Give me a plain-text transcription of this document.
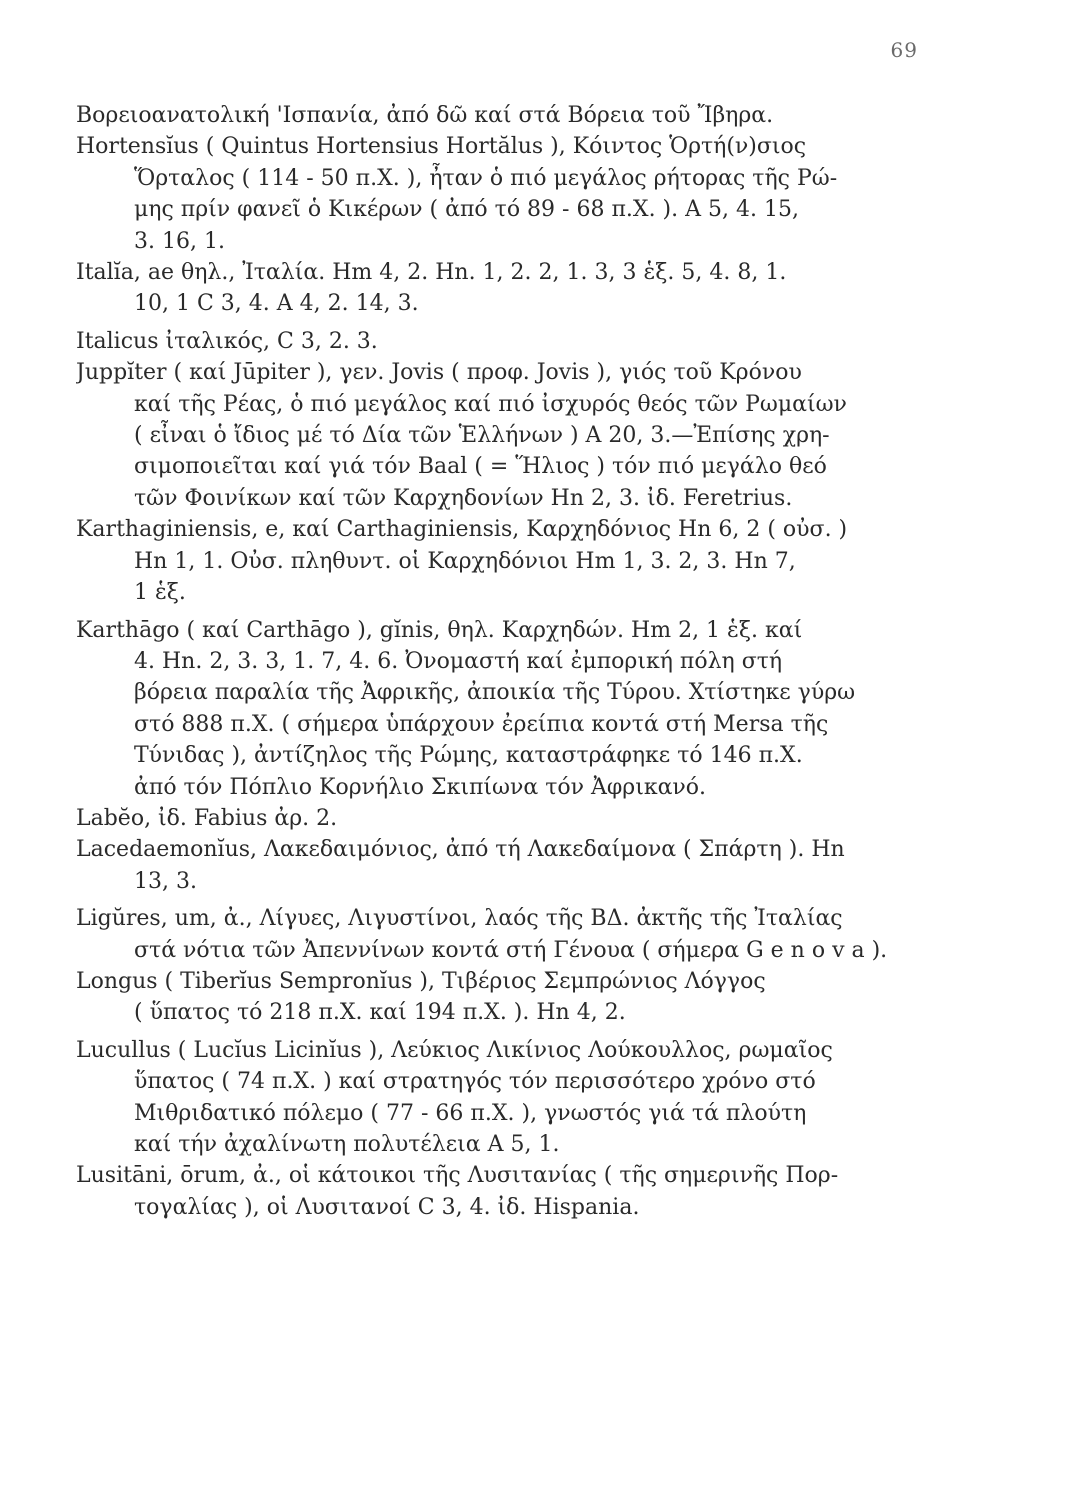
69
Βορειοανατολική 'Ισπανία, ἀπό δῶ καί στά Βόρεια τοῦ Ἴβηρα.
Hortensĭus ( Quintus Hortensius Hortălus ), Κόιντος Ὁρτή(ν)σιος
Ὅρταλος ( 114 - 50 π.Χ. ), ἦταν ὁ πιό μεγάλος ρήτορας τῆς Ρώ-
μης πρίν φανεῖ ὁ Κικέρων ( ἀπό τό 89 - 68 π.Χ. ). Α 5, 4. 15,
3. 16, 1.
Italĭa, ae θηλ., Ἰταλία. Hm 4, 2. Hn. 1, 2. 2, 1. 3, 3 ἑξ. 5, 4. 8, 1.
10, 1 C 3, 4. A 4, 2. 14, 3.
Italicus ἰταλικός, C 3, 2. 3.
Juppĭter ( καί Jūpiter ), γεν. Jovis ( προφ. Jovis ), γιός τοῦ Κρόνου
καί τῆς Ρέας, ὁ πιό μεγάλος καί πιό ἰσχυρός θεός τῶν Ρωμαίων
( εἶναι ὁ ἴδιος μέ τό Δία τῶν Ἑλλήνων ) Α 20, 3.—Ἐπίσης χρη-
σιμοποιεῖται καί γιά τόν Baal ( = Ἥλιος ) τόν πιό μεγάλο θεό
τῶν Φοινίκων καί τῶν Καρχηδονίων Hn 2, 3. ἰδ. Feretrius.
Karthaginiensis, e, καί Carthaginiensis, Καρχηδόνιος Hn 6, 2 ( οὐσ. )
Hn 1, 1. Οὐσ. πληθυντ. οἱ Καρχηδόνιοι Hm 1, 3. 2, 3. Hn 7,
1 ἑξ.
Karthāgo ( καί Carthāgo ), gĭnis, θηλ. Καρχηδών. Hm 2, 1 ἑξ. καί
4. Hn. 2, 3. 3, 1. 7, 4. 6. Ὀνομαστή καί ἐμπορική πόλη στή
βόρεια παραλία τῆς Ἀφρικῆς, ἀποικία τῆς Τύρου. Χτίστηκε γύρω
στό 888 π.Χ. ( σήμερα ὑπάρχουν ἐρείπια κοντά στή Mersa τῆς
Τύνιδας ), ἀντίζηλος τῆς Ρώμης, καταστράφηκε τό 146 π.Χ.
ἀπό τόν Πόπλιο Κορνήλιο Σκιπίωνα τόν Ἀφρικανό.
Labĕo, ἰδ. Fabius ἀρ. 2.
Lacedaemonĭus, Λακεδαιμόνιος, ἀπό τή Λακεδαίμονα ( Σπάρτη ). Hn
13, 3.
Ligŭres, um, ἀ., Λίγυες, Λιγυστίνοι, λαός τῆς ΒΔ. ἀκτῆς τῆς Ἰταλίας
στά νότια τῶν Ἀπεννίνων κοντά στή Γένουα ( σήμερα G e n o v a ).
Longus ( Tiberĭus Sempronĭus ), Τιβέριος Σεμπρώνιος Λόγγος
( ὕπατος τό 218 π.Χ. καί 194 π.Χ. ). Hn 4, 2.
Lucullus ( Lucĭus Licinĭus ), Λεύκιος Λικίνιος Λούκουλλος, ρωμαῖος
ὕπατος ( 74 π.Χ. ) καί στρατηγός τόν περισσότερο χρόνο στό
Μιθριδατικό πόλεμο ( 77 - 66 π.Χ. ), γνωστός γιά τά πλούτη
καί τήν ἀχαλίνωτη πολυτέλεια Α 5, 1.
Lusitāni, ōrum, ἀ., οἱ κάτοικοι τῆς Λυσιτανίας ( τῆς σημερινῆς Πορ-
τογαλίας ), οἱ Λυσιτανοί C 3, 4. ἰδ. Hispania.
